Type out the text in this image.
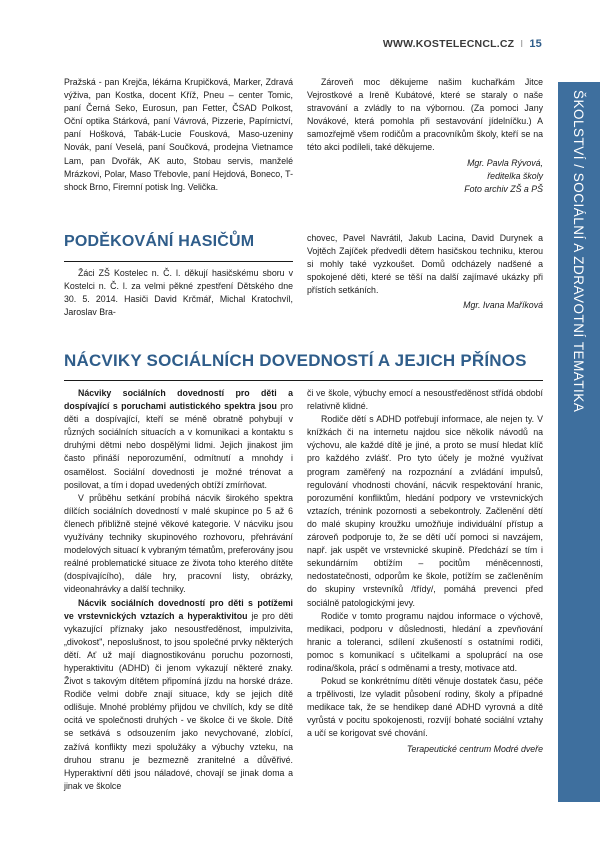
WWW.KOSTELECNCL.CZ I 15
ŠKOLSTVÍ / SOCIÁLNÍ A ZDRAVOTNÍ TEMATIKA

Pražská - pan Krejča, lékárna Krupičková, Marker, Zdravá výživa, pan Kostka, docent Kříž, Pneu – center Tomic, paní Černá Seko, Eurosun, pan Fetter, ČSAD Polkost, Oční optika Stárková, paní Vávrová, Pizzerie, Papírnictví, paní Hošková, Tabák-Lucie Fousková, Maso-uzeniny Novák, paní Veselá, paní Součková, prodejna Vietnamce Lam, pan Dvořák, AK auto, Stobau servis, manželé Mrázkovi, Polar, Maso Třebovle, paní Hejdová, Boneco, T-shock Brno, Firemní potisk Ing. Velička.

Zároveň moc děkujeme našim kuchařkám Jitce Vejrostkové a Ireně Kubátové, které se staraly o naše stravování a zvládly to na výbornou. (Za pomoci Jany Novákové, která pomohla při sestavování jídelníčku.) A samozřejmě všem rodičům a pracovníkům školy, kteří se na této akci podíleli, také děkujeme.

Mgr. Pavla Rývová,

ředitelka školy

Foto archiv ZŠ a PŠ

PODĚKOVÁNÍ HASIČŮM

Žáci ZŠ Kostelec n. Č. l. děkují hasičskému sboru v Kostelci n. Č. l. za velmi pěkné zpestření Dětského dne 30. 5. 2014. Hasiči David Krčmář, Michal Kratochvíl, Jaroslav Bra-

chovec, Pavel Navrátil, Jakub Lacina, David Durynek a Vojtěch Zajíček předvedli dětem hasičskou techniku, kterou si mohly také vyzkoušet. Domů odcházely nadšené a spokojené děti, které se těší na další zajímavé ukázky při přístích setkáních.

Mgr. Ivana Maříková

NÁCVIKY SOCIÁLNÍCH DOVEDNOSTÍ A JEJICH PŘÍNOS

Nácviky sociálních dovedností pro děti a dospívající s poruchami autistického spektra jsou pro děti a dospívající, kteří se méně obratně pohybují v různých sociálních situacích a v komunikaci a kontaktu s druhými dětmi nebo dospělými lidmi. Jejich jinakost jim často přináší neporozumění, odmítnutí a mnohdy i osamělost. Sociální dovednosti je možné trénovat a posilovat, a tím i dopad uvedených obtíží zmírňovat.

V průběhu setkání probíhá nácvik širokého spektra dílčích sociálních dovedností v malé skupince po 5 až 6 členech přibližně stejné věkové kategorie. V nácviku jsou využívány techniky skupinového rozhovoru, přehrávání modelových situací k vybraným tématům, preferovány jsou reálné problematické situace ze života toho kterého dítěte (dospívajícího), dále hry, pracovní listy, obrázky, videonahrávky a další techniky.

Nácvik sociálních dovedností pro děti s potížemi ve vrstevnických vztazích a hyperaktivitou je pro děti vykazující příznaky jako nesoustředěnost, impulzivita, „divokost", neposlušnost, to jsou společné prvky některých dětí. Ať už mají diagnostikovánu poruchu pozornosti, hyperaktivitu (ADHD) či jenom vykazují některé znaky. Život s takovým dítětem připomíná jízdu na horské dráze. Rodiče velmi dobře znají situace, kdy se jejich dítě odlišuje. Mnohé problémy přijdou ve chvílích, kdy se dítě ocitá ve společnosti druhých - ve školce či ve škole. Dítě se setkává s odsouzením jako nevychované, zlobící, zažívá konflikty mezi spolužáky a výbuchy vzteku, na druhou stranu je bezmezně zranitelné a důvěřivé. Hyperaktivní děti jsou náladové, chovají se jinak doma a jinak ve školce

či ve škole, výbuchy emocí a nesoustředěnost střídá období relativně klidné.

Rodiče dětí s ADHD potřebují informace, ale nejen ty. V knížkách či na internetu najdou sice několik návodů na výchovu, ale každé dítě je jiné, a proto se musí hledat klíč pro každého zvlášť. Pro tyto účely je možné využívat program zaměřený na rozpoznání a zvládání impulsů, regulování vhodnosti chování, nácvik respektování hranic, porozumění konfliktům, hledání podpory ve vrstevnických vztazích, trénink pozornosti a sebekontroly. Začlenění dětí do malé skupiny kroužku umožňuje individuální přístup a zároveň podporuje to, že se dětí učí pomoci si navzájem, např. jak uspět ve vrstevnické skupině. Předchází se tím i sekundárním obtížím – pocitům méněcennosti, nedostatečnosti, odporům ke škole, potížím se začleněním do skupiny vrstevníků /třídy/, pomáhá prevenci před sociálně patologickými jevy.

Rodiče v tomto programu najdou informace o výchově, medikaci, podporu v důslednosti, hledání a zpevňování hranic a toleranci, sdílení zkušeností s ostatními rodiči, pomoc s komunikací s učitelkami a spoluprácí na ose rodina/škola, prácí s odměnami a tresty, motivace atd.

Pokud se konkrétnímu dítěti věnuje dostatek času, péče a trpělivosti, lze vyladit působení rodiny, školy a případné medikace tak, že se hendikep dané ADHD vyrovná a dítě vyrůstá v pocitu spokojenosti, rozvíjí bohaté sociální vztahy a učí se korigovat své chování.

Terapeutické centrum Modré dveře
